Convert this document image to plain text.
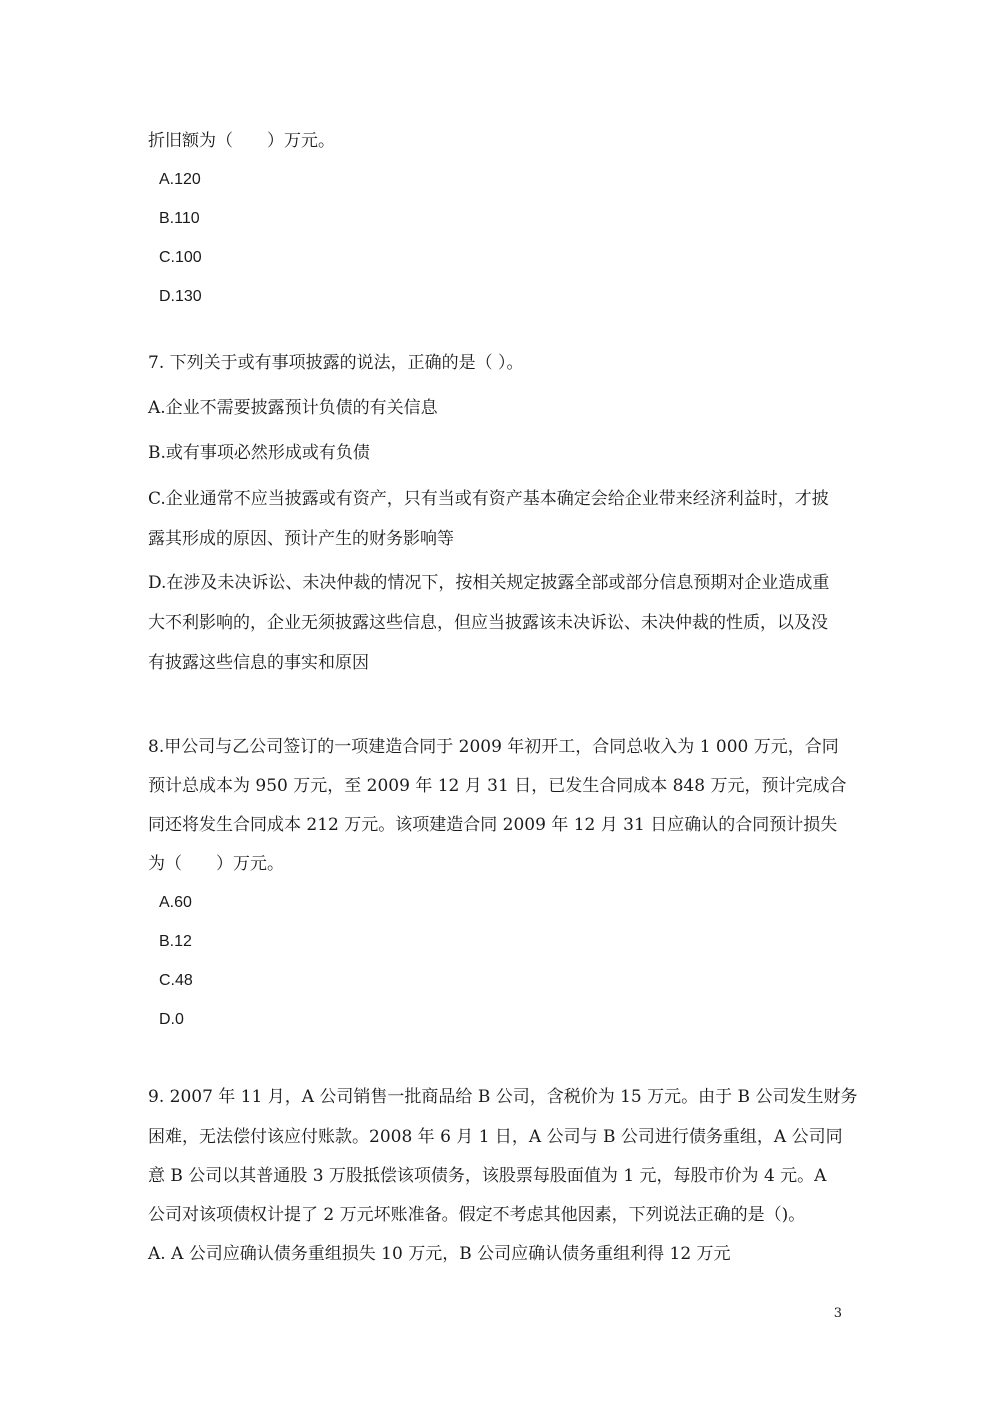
折旧额为（　　）万元。
A.120
B.110
C.100
D.130
7. 下列关于或有事项披露的说法，正确的是（ ）。
A.企业不需要披露预计负债的有关信息
B.或有事项必然形成或有负债
C.企业通常不应当披露或有资产，只有当或有资产基本确定会给企业带来经济利益时，才披
露其形成的原因、预计产生的财务影响等
D.在涉及未决诉讼、未决仲裁的情况下，按相关规定披露全部或部分信息预期对企业造成重
大不利影响的，企业无须披露这些信息，但应当披露该未决诉讼、未决仲裁的性质，以及没
有披露这些信息的事实和原因
8.甲公司与乙公司签订的一项建造合同于 2009 年初开工，合同总收入为 1 000 万元，合同
预计总成本为 950 万元，至 2009 年 12 月 31 日，已发生合同成本 848 万元，预计完成合
同还将发生合同成本 212 万元。该项建造合同 2009 年 12 月 31 日应确认的合同预计损失
为（　　）万元。
A.60
B.12
C.48
D.0
9. 2007 年 11 月，A 公司销售一批商品给 B 公司，含税价为 15 万元。由于 B 公司发生财务
困难，无法偿付该应付账款。2008 年 6 月 1 日，A 公司与 B 公司进行债务重组，A 公司同
意 B 公司以其普通股 3 万股抵偿该项债务，该股票每股面值为 1 元，每股市价为 4 元。A
公司对该项债权计提了 2 万元坏账准备。假定不考虑其他因素，下列说法正确的是（)。
A. A 公司应确认债务重组损失 10 万元，B 公司应确认债务重组利得 12 万元
3
